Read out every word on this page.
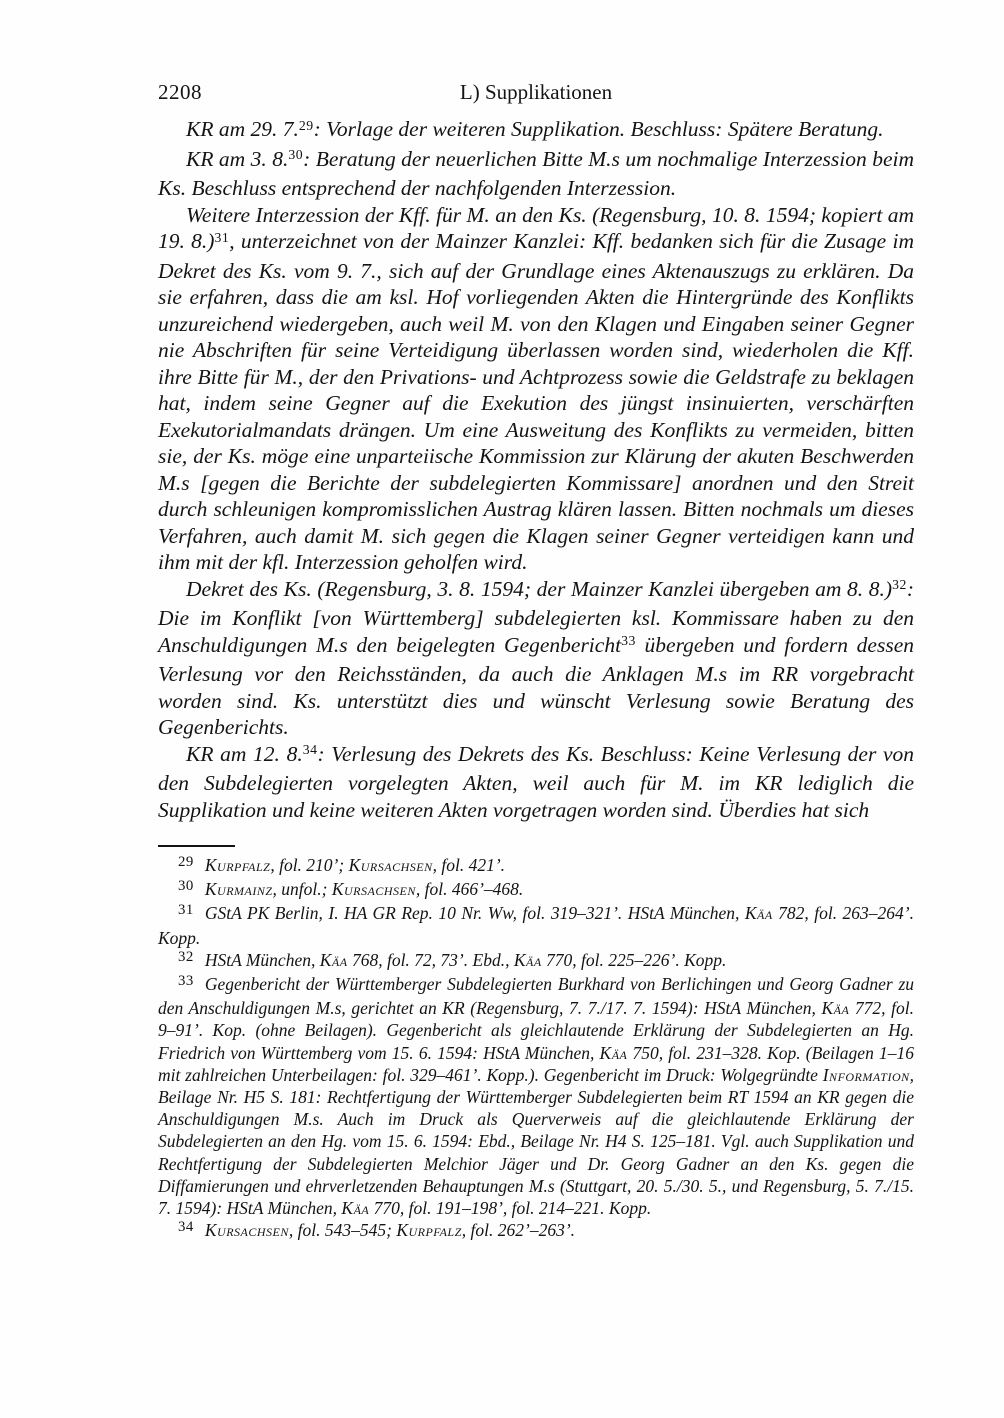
2208	L) Supplikationen

KR am 29. 7.29: Vorlage der weiteren Supplikation. Beschluss: Spätere Beratung.

KR am 3. 8.30: Beratung der neuerlichen Bitte M.s um nochmalige Interzession beim Ks. Beschluss entsprechend der nachfolgenden Interzession.

Weitere Interzession der Kff. für M. an den Ks. (Regensburg, 10. 8. 1594; kopiert am 19. 8.)$^{31}$, unterzeichnet von der Mainzer Kanzlei: Kff. bedanken sich für die Zusage im Dekret des Ks. vom 9. 7., sich auf der Grundlage eines Aktenauszugs zu erklären. Da sie erfahren, dass die am ksl. Hof vorliegenden Akten die Hintergründe des Konflikts unzureichend wiedergeben, auch weil M. von den Klagen und Eingaben seiner Gegner nie Abschriften für seine Verteidigung überlassen worden sind, wiederholen die Kff. ihre Bitte für M., der den Privations- und Achtprozess sowie die Geldstrafe zu beklagen hat, indem seine Gegner auf die Exekution des jüngst insinuierten, verschärften Exekutorialmandats drängen. Um eine Ausweitung des Konflikts zu vermeiden, bitten sie, der Ks. möge eine unparteiische Kommission zur Klärung der akuten Beschwerden M.s [gegen die Berichte der subdelegierten Kommissare] anordnen und den Streit durch schleunigen kompromisslichen Austrag klären lassen. Bitten nochmals um dieses Verfahren, auch damit M. sich gegen die Klagen seiner Gegner verteidigen kann und ihm mit der kfl. Interzession geholfen wird.

Dekret des Ks. (Regensburg, 3. 8. 1594; der Mainzer Kanzlei übergeben am 8. 8.)$^{32}$: Die im Konflikt [von Württemberg] subdelegierten ksl. Kommissare haben zu den Anschuldigungen M.s den beigelegten Gegenbericht$^{33}$ übergeben und fordern dessen Verlesung vor den Reichsständen, da auch die Anklagen M.s im RR vorgebracht worden sind. Ks. unterstützt dies und wünscht Verlesung sowie Beratung des Gegenberichts.

KR am 12. 8.34: Verlesung des Dekrets des Ks. Beschluss: Keine Verlesung der von den Subdelegierten vorgelegten Akten, weil auch für M. im KR lediglich die Supplikation und keine weiteren Akten vorgetragen worden sind. Überdies hat sich

$^{29}$ Kurpfalz, fol. 210’; Kursachsen, fol. 421’.

$^{30}$ Kurmainz, unfol.; Kursachsen, fol. 466’–468.

$^{31}$ GStA PK Berlin, I. HA GR Rep. 10 Nr. Ww, fol. 319–321’. HStA München, Käa 782, fol. 263–264’. Kopp.

$^{32}$ HStA München, Käa 768, fol. 72, 73’. Ebd., Käa 770, fol. 225–226’. Kopp.

$^{33}$ Gegenbericht der Württemberger Subdelegierten Burkhard von Berlichingen und Georg Gadner zu den Anschuldigungen M.s, gerichtet an KR (Regensburg, 7. 7./17. 7. 1594): HStA München, Käa 772, fol. 9–91’. Kop. (ohne Beilagen). Gegenbericht als gleichlautende Erklärung der Subdelegierten an Hg. Friedrich von Württemberg vom 15. 6. 1594: HStA München, Käa 750, fol. 231–328. Kop. (Beilagen 1–16 mit zahlreichen Unterbeilagen: fol. 329–461’. Kopp.). Gegenbericht im Druck: Wolgegründte Information, Beilage Nr. H5 S. 181: Rechtfertigung der Württemberger Subdelegierten beim RT 1594 an KR gegen die Anschuldigungen M.s. Auch im Druck als Querverweis auf die gleichlautende Erklärung der Subdelegierten an den Hg. vom 15. 6. 1594: Ebd., Beilage Nr. H4 S. 125–181. Vgl. auch Supplikation und Rechtfertigung der Subdelegierten Melchior Jäger und Dr. Georg Gadner an den Ks. gegen die Diffamierungen und ehrverletzenden Behauptungen M.s (Stuttgart, 20. 5./30. 5., und Regensburg, 5. 7./15. 7. 1594): HStA München, Käa 770, fol. 191–198’, fol. 214–221. Kopp.

$^{34}$ Kursachsen, fol. 543–545; Kurpfalz, fol. 262’–263’.
